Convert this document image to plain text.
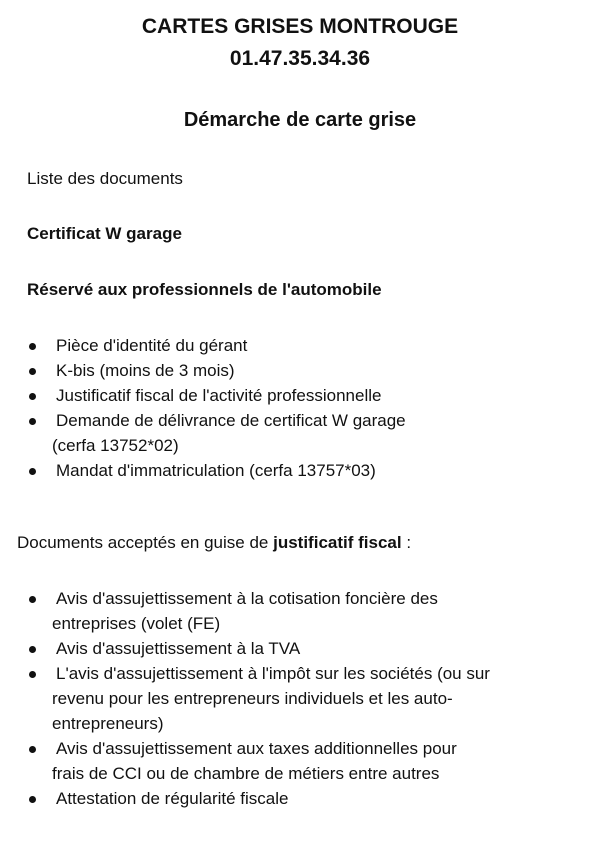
CARTES GRISES MONTROUGE
01.47.35.34.36
Démarche de carte grise
Liste des documents
Certificat W garage
Réservé aux professionnels de l'automobile
Pièce d'identité du gérant
K-bis (moins de 3 mois)
Justificatif fiscal de l'activité professionnelle
Demande de délivrance de certificat W garage
(cerfa 13752*02)
Mandat d'immatriculation (cerfa 13757*03)
Documents acceptés en guise de justificatif fiscal :
Avis d'assujettissement à la cotisation foncière des
entreprises (volet (FE)
Avis d'assujettissement à la TVA
L'avis d'assujettissement à l'impôt sur les sociétés (ou sur
revenu pour les entrepreneurs individuels et les auto-
entrepreneurs)
Avis d'assujettissement aux taxes additionnelles pour
frais de CCI ou de chambre de métiers entre autres
Attestation de régularité fiscale
